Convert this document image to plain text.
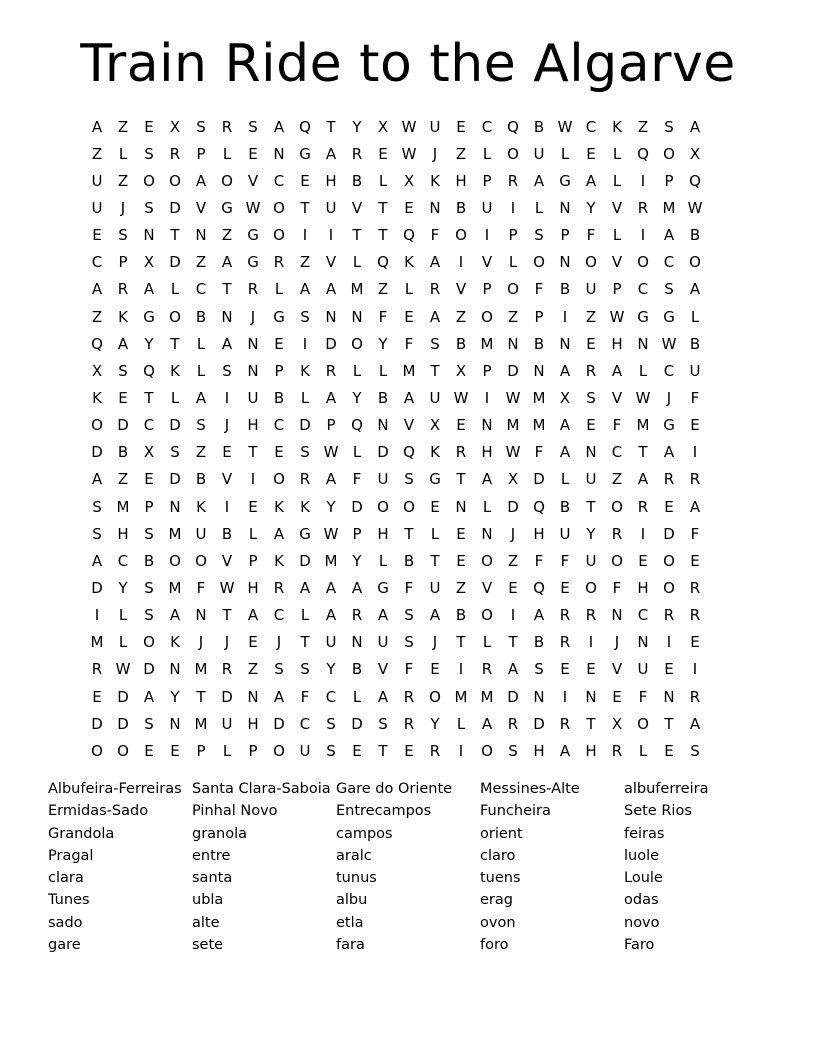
Train Ride to the Algarve
A	Z	E	X	S	R	S	A Q	T	Y	X W U	E	C Q B W C	K	Z	S	A
Z	L	S	R	P	L	E	N G	A	R	E W	J	Z	L	O U	L	E	L	Q O X
U	Z O O A O V	C	E	H	B	L	X	K	H	P	R	A	G	A	L	I	P	Q
U	J	S	D	V	G W O	T	U	V	T	E	N	B	U	I	L	N	Y	V	R M W
E	S	N	T	N	Z	G O	I	I	T	T	Q	F	O	I	P	S	P	F	L	I	A	B
C	P	X	D	Z	A	G R	Z	V	L	Q	K	A	I	V	L	O N O V O C O
A	R	A	L	C	T	R	L	A	A M Z	L	R	V	P	O	F	B	U	P	C	S	A
Z	K	G O B	N	J	G	S	N N	F	E	A	Z O Z	P	I	Z W G G	L
Q A	Y	T	L	A	N	E	I	D O	Y	F	S	B M N	B	N	E	H N W B
X	S	Q	K	L	S	N	P	K	R	L	L	M T	X	P	D N	A	R	A	L	C	U
K	E	T	L	A	I	U	B	L	A	Y	B	A	U W	I	W M X	S	V W	J	F
O D C D	S	J	H	C D	P	Q N	V	X	E	N M M A	E	F	M G	E
D	B	X	S	Z	E	T	E	S W L	D Q	K	R	H W F	A	N	C	T	A	I
A	Z	E	D	B	V	I	O R	A	F	U	S	G	T	A	X	D	L	U	Z	A	R	R
S M	P	N	K	I	E	K	K	Y	D O O	E	N	L	D Q B	T	O R	E	A
S	H	S M U	B	L	A	G W P	H	T	L	E	N	J	H U	Y	R	I	D	F
A	C	B O O V	P	K	D M Y	L	B	T	E	O Z	F	F	U O	E	O	E
D	Y	S M	F W H	R	A	A	A	G	F	U	Z	V	E	Q	E	O	F	H O R
I	L	S	A	N	T	A	C	L	A	R	A	S	A	B O	I	A	R	R	N	C	R	R
M	L	O	K	J	J	E	J	T	U N U	S	J	T	L	T	B	R	I	J	N	I	E
R W D N M R	Z	S	S	Y	B	V	F	E	I	R	A	S	E	E	V	U	E	I
E	D	A	Y	T	D N	A	F	C	L	A	R O M M D N	I	N	E	F	N	R
D D	S	N M U H D C	S	D	S	R	Y	L	A	R	D	R	T	X O	T	A
O O	E	E	P	L	P	O U	S	E	T	E	R	I	O	S	H	A	H	R	L	E	S
Albufeira-Ferreiras
Ermidas-Sado
Grandola
Pragal
clara
Tunes
sado
gare
Santa Clara-Saboia
Pinhal Novo
granola
entre
santa
ubla
alte
sete
Gare do Oriente
Entrecampos
campos
aralc
tunus
albu
etla
fara
Messines-Alte
Funcheira
orient
claro
tuens
erag
ovon
foro
albuferreira
Sete Rios
feiras
luole
Loule
odas
novo
Faro
